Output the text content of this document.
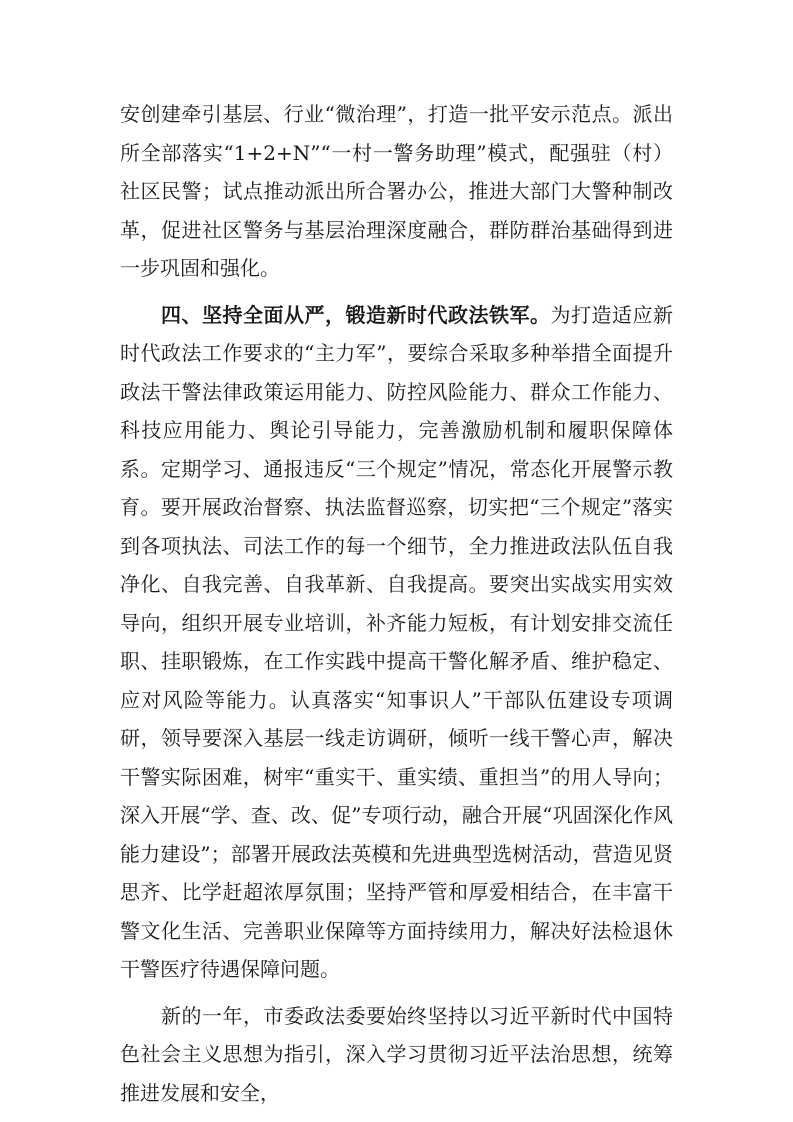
安创建牵引基层、行业“微治理”，打造一批平安示范点。派出所全部落实“1+2+N”“一村一警务助理”模式，配强驻（村）社区民警；试点推动派出所合署办公，推进大部门大警种制改革，促进社区警务与基层治理深度融合，群防群治基础得到进一步巩固和强化。

四、坚持全面从严，锻造新时代政法铁军。为打造适应新时代政法工作要求的“主力军”，要综合采取多种举措全面提升政法干警法律政策运用能力、防控风险能力、群众工作能力、科技应用能力、舆论引导能力，完善激励机制和履职保障体系。定期学习、通报违反“三个规定”情况，常态化开展警示教育。要开展政治督察、执法监督巡察，切实把“三个规定”落实到各项执法、司法工作的每一个细节，全力推进政法队伍自我净化、自我完善、自我革新、自我提高。要突出实战实用实效导向，组织开展专业培训，补齐能力短板，有计划安排交流任职、挂职锻炼，在工作实践中提高干警化解矛盾、维护稳定、应对风险等能力。认真落实“知事识人”干部队伍建设专项调研，领导要深入基层一线走访调研，倾听一线干警心声，解决干警实际困难，树牢“重实干、重实绩、重担当”的用人导向；深入开展“学、查、改、促”专项行动，融合开展“巩固深化作风能力建设”；部署开展政法英模和先进典型选树活动，营造见贤思齐、比学赶超浓厚氛围；坚持严管和厚爱相结合，在丰富干警文化生活、完善职业保障等方面持续用力，解决好法检退休干警医疗待遇保障问题。

新的一年，市委政法委要始终坚持以习近平新时代中国特色社会主义思想为指引，深入学习贯彻习近平法治思想，统筹推进发展和安全，
